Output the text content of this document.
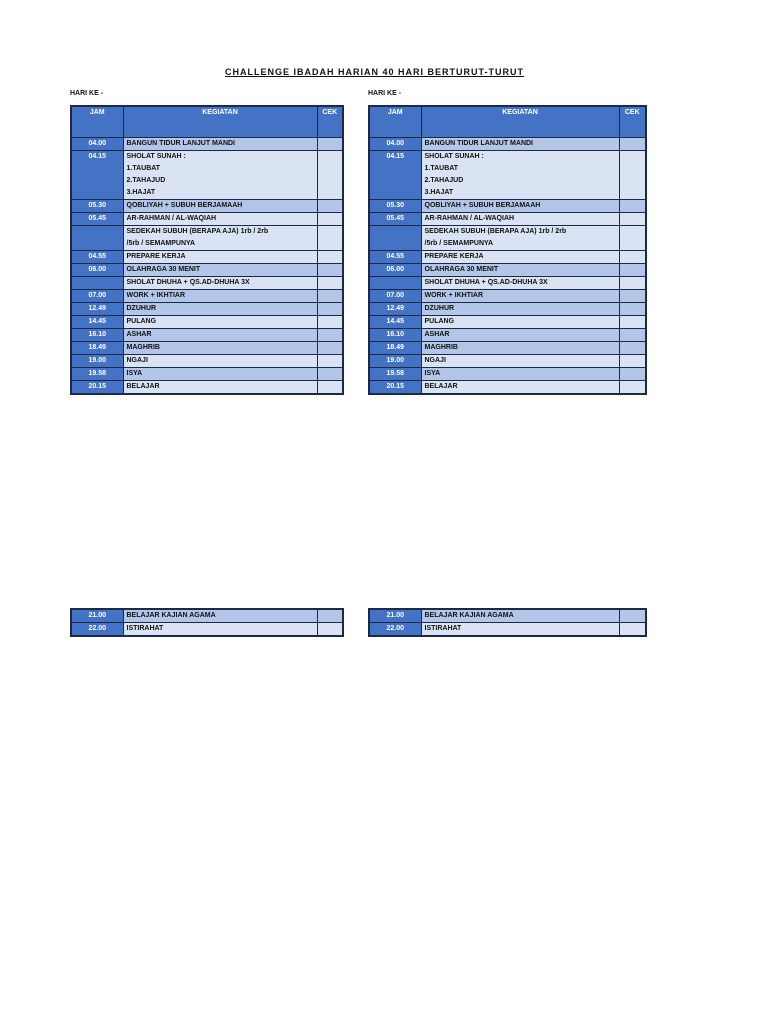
CHALLENGE IBADAH HARIAN 40 HARI BERTURUT-TURUT
HARI KE -	HARI KE -
JAM	KEGIATAN	CEK
04.00	BANGUN TIDUR LANJUT MANDI	

04.15	SHOLAT SUNAH :
1.TAUBAT
2.TAHAJUD
3.HAJAT	

05.30	QOBLIYAH + SUBUH BERJAMAAH	

05.45	AR-RAHMAN / AL-WAQIAH	

	SEDEKAH SUBUH (BERAPA AJA) 1rb / 2rb
/5rb / SEMAMPUNYA	

04.55	PREPARE KERJA	

06.00	OLAHRAGA 30 MENIT	

	SHOLAT DHUHA + QS.AD-DHUHA 3X	

07.00	WORK + IKHTIAR	

12.49	DZUHUR	

14.45	PULANG	

16.10	ASHAR	

18.49	MAGHRIB	

19.00	NGAJI	

19.58	ISYA	

20.15	BELAJAR	

JAM	KEGIATAN	CEK
04.00	BANGUN TIDUR LANJUT MANDI	

04.15	SHOLAT SUNAH :
1.TAUBAT
2.TAHAJUD
3.HAJAT	

05.30	QOBLIYAH + SUBUH BERJAMAAH	

05.45	AR-RAHMAN / AL-WAQIAH	

	SEDEKAH SUBUH (BERAPA AJA) 1rb / 2rb
/5rb / SEMAMPUNYA	

04.55	PREPARE KERJA	

06.00	OLAHRAGA 30 MENIT	

	SHOLAT DHUHA + QS.AD-DHUHA 3X	

07.00	WORK + IKHTIAR	

12.49	DZUHUR	

14.45	PULANG	

16.10	ASHAR	

18.49	MAGHRIB	

19.00	NGAJI	

19.58	ISYA	

20.15	BELAJAR	

21.00	BELAJAR KAJIAN AGAMA	

22.00	ISTIRAHAT	

21.00	BELAJAR KAJIAN AGAMA	

22.00	ISTIRAHAT	
